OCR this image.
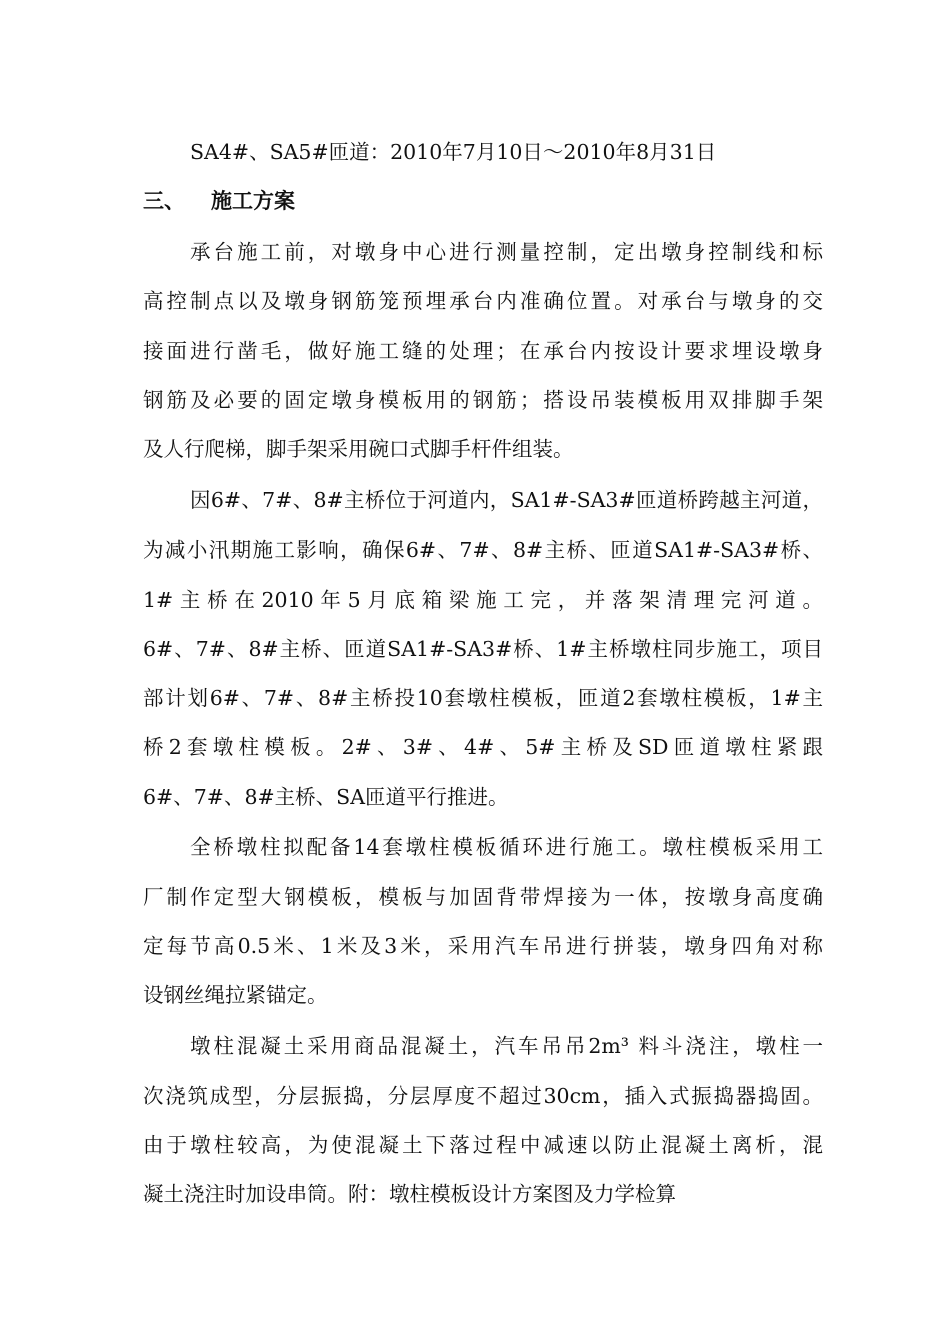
SA4#、SA5#匝道：2010年7月10日～2010年8月31日
三、 施工方案
承台施工前，对墩身中心进行测量控制，定出墩身控制线和标
高控制点以及墩身钢筋笼预埋承台内准确位置。对承台与墩身的交
接面进行凿毛，做好施工缝的处理；在承台内按设计要求埋设墩身
钢筋及必要的固定墩身模板用的钢筋；搭设吊装模板用双排脚手架
及人行爬梯，脚手架采用碗口式脚手杆件组装。
因6#、7#、8#主桥位于河道内，SA1#-SA3#匝道桥跨越主河道，
为减小汛期施工影响，确保6#、7#、8#主桥、匝道SA1#-SA3#桥、
1#主桥在2010年5月底箱梁施工完，并落架清理完河道。
6#、7#、8#主桥、匝道SA1#-SA3#桥、1#主桥墩柱同步施工，项目
部计划6#、7#、8#主桥投10套墩柱模板，匝道2套墩柱模板，1#主
桥2套墩柱模板。2#、3#、4#、5#主桥及SD匝道墩柱紧跟
6#、7#、8#主桥、SA匝道平行推进。
全桥墩柱拟配备14套墩柱模板循环进行施工。墩柱模板采用工
厂制作定型大钢模板，模板与加固背带焊接为一体，按墩身高度确
定每节高0.5米、1米及3米，采用汽车吊进行拼装，墩身四角对称
设钢丝绳拉紧锚定。
墩柱混凝土采用商品混凝土，汽车吊吊2m³ 料斗浇注，墩柱一
次浇筑成型，分层振捣，分层厚度不超过30cm，插入式振捣器捣固。
由于墩柱较高，为使混凝土下落过程中减速以防止混凝土离析，混
凝土浇注时加设串筒。附：墩柱模板设计方案图及力学检算
